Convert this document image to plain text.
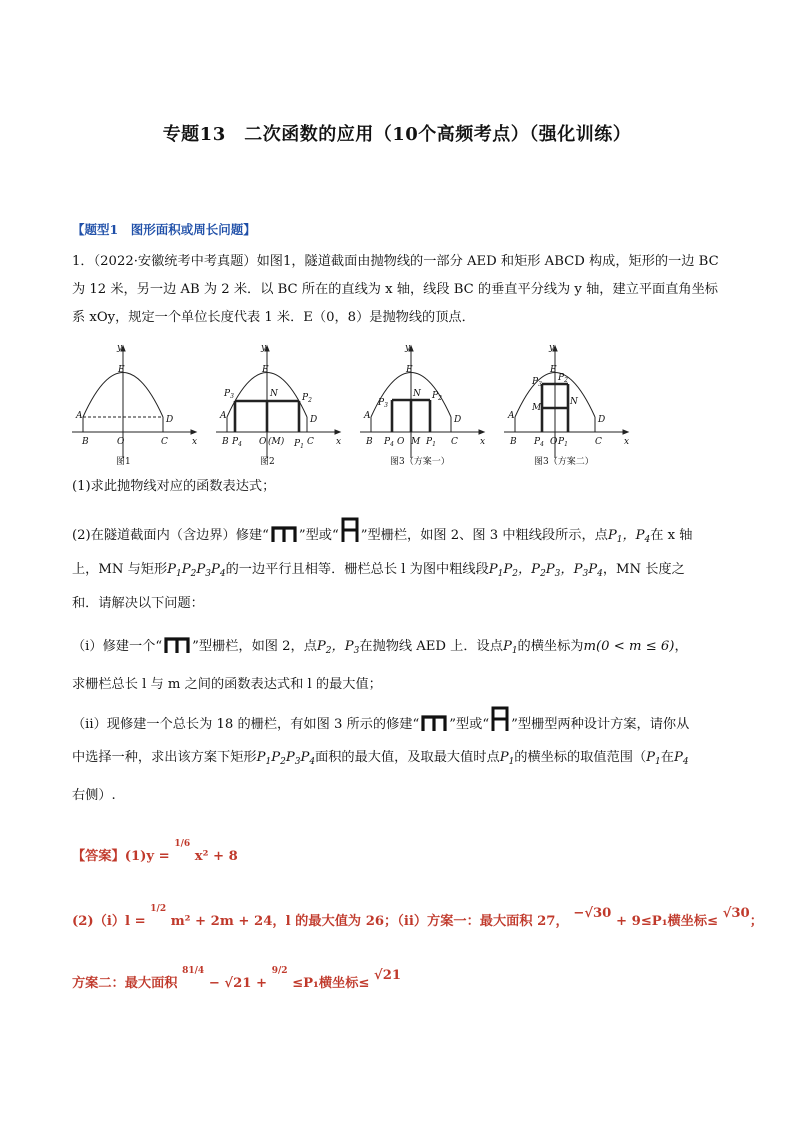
专题13　二次函数的应用（10个高频考点）（强化训练）
【题型1　图形面积或周长问题】
1．（2022·安徽统考中考真题）如图1，隧道截面由抛物线的一部分 AED 和矩形 ABCD 构成，矩形的一边 BC
为 12 米，另一边 AB 为 2 米．以 BC 所在的直线为 x 轴，线段 BC 的垂直平分线为 y 轴，建立平面直角坐标
系 xOy，规定一个单位长度代表 1 米．E（0，8）是抛物线的顶点．
y
E
A	D
B	O	C	x
y
E
$P_3$	N	$P_2$
A	D
B $P_4$ O (M) $P_1$ C x
y
E
$P_3$
N $P_2$
A	D
B $P_4$ O M $P_1$ C x
y
E
$P_3$
$P_2$
M
N
A	D
B $P_4$ O $P_1$	C x
图1	图2	图3（方案一）	图3（方案二）
(1)求此抛物线对应的函数表达式；
(2)在隧道截面内（含边界）修建“ ”型或“ ”型栅栏，如图 2、图 3 中粗线段所示，点$P_1$，$P_4$在 x 轴
上，MN 与矩形$P_1P_2P_3P_4$的一边平行且相等．栅栏总长 l 为图中粗线段$P_1P_2$，$P_2P_3$，$P_3P_4$，MN 长度之
和．请解决以下问题：
（ⅰ）修建一个“ ”型栅栏，如图 2，点$P_2$，$P_3$在抛物线 AED 上．设点$P_1$的横坐标为m(0 < m ≤ 6)，
求栅栏总长 l 与 m 之间的函数表达式和 l 的最大值；
（ⅱ）现修建一个总长为 18 的栅栏，有如图 3 所示的修建“ ”型或“ ”型栅型两种设计方案，请你从
中选择一种，求出该方案下矩形$P_1P_2P_3P_4$面积的最大值，及取最大值时点$P_1$的横坐标的取值范围（$P_1$在$P_4$
右侧）.
【答案】(1)y = $^{1/6}$ x² + 8
(2)（ⅰ）l = $^{1/2}$ m² + 2m + 24，l 的最大值为 26；（ⅱ）方案一：最大面积 27， −√30 + 9≤P₁横坐标≤ √30；
方案二：最大面积 $^{81/4}$ − √21 + $^{9/2}$ ≤P₁横坐标≤ √21
